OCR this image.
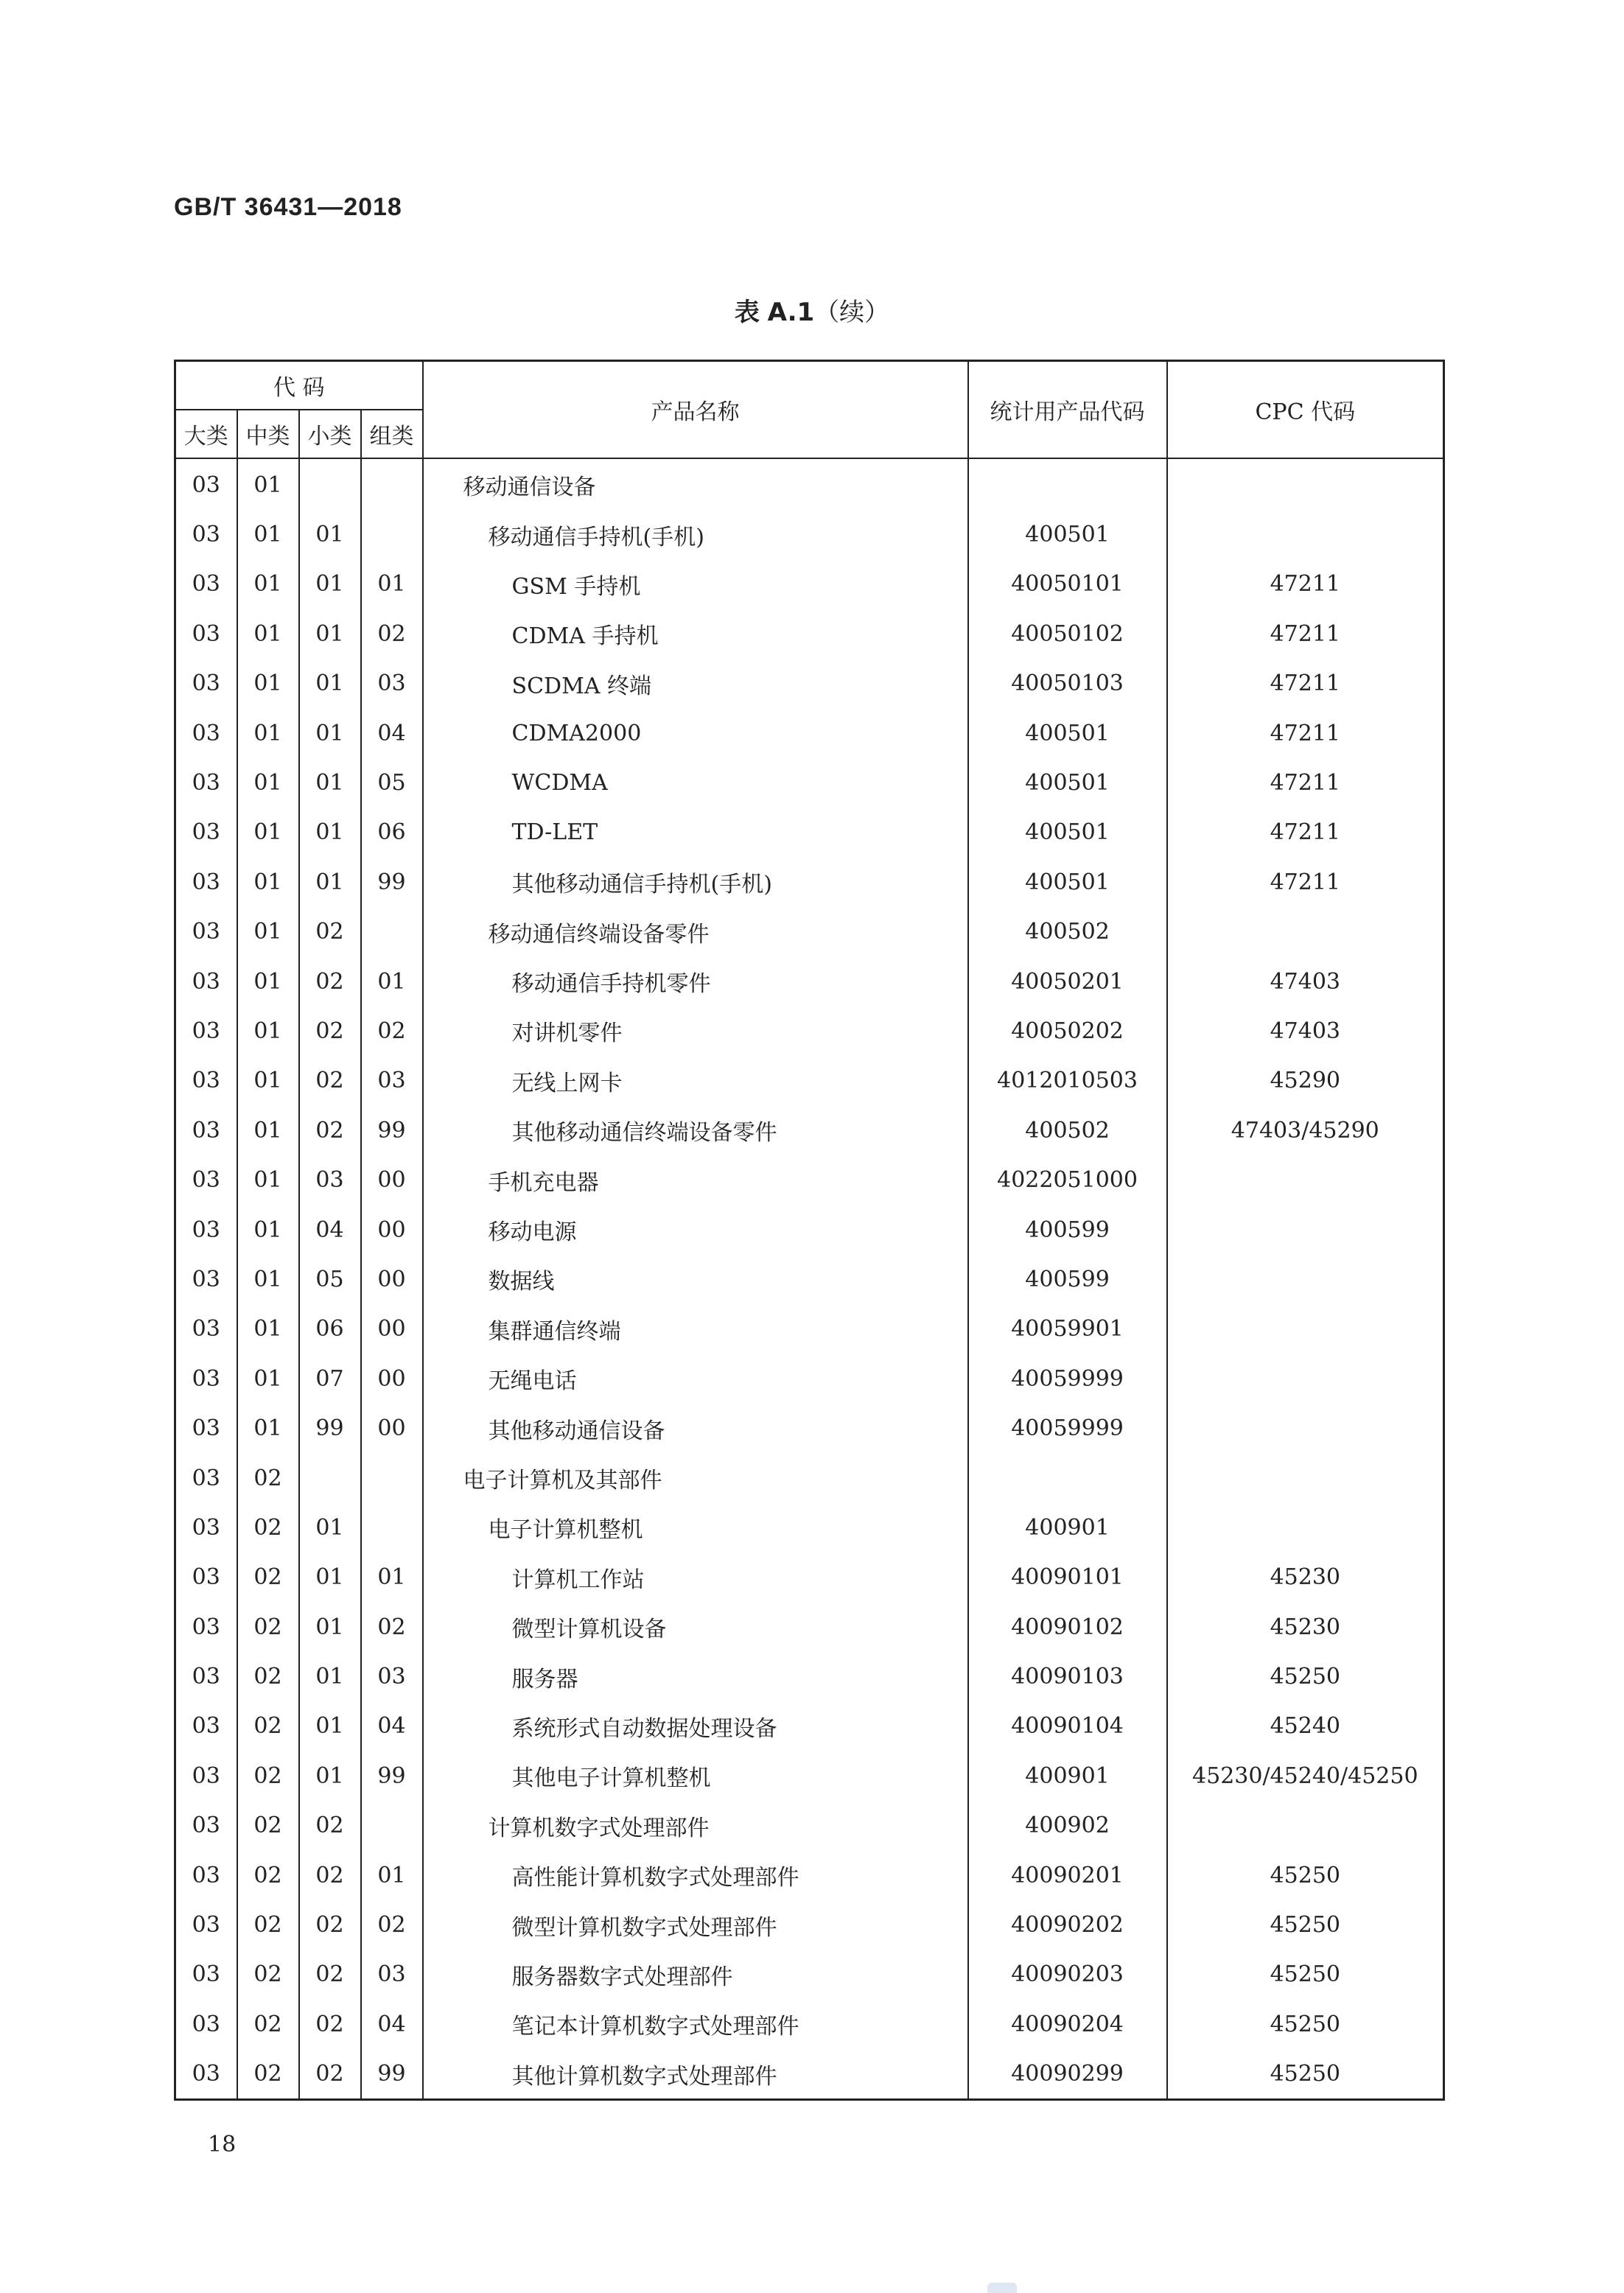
GB/T 36431—2018
表 A.1（续）
代 码				产品名称	统计用产品代码	CPC 代码
大类	中类	小类	组类			
03	01			移动通信设备		
03	01	01		移动通信手持机(手机)	400501	
03	01	01	01	GSM 手持机	40050101	47211
03	01	01	02	CDMA 手持机	40050102	47211
03	01	01	03	SCDMA 终端	40050103	47211
03	01	01	04	CDMA2000	400501	47211
03	01	01	05	WCDMA	400501	47211
03	01	01	06	TD-LET	400501	47211
03	01	01	99	其他移动通信手持机(手机)	400501	47211
03	01	02		移动通信终端设备零件	400502	
03	01	02	01	移动通信手持机零件	40050201	47403
03	01	02	02	对讲机零件	40050202	47403
03	01	02	03	无线上网卡	4012010503	45290
03	01	02	99	其他移动通信终端设备零件	400502	47403/45290
03	01	03	00	手机充电器	4022051000	
03	01	04	00	移动电源	400599	
03	01	05	00	数据线	400599	
03	01	06	00	集群通信终端	40059901	
03	01	07	00	无绳电话	40059999	
03	01	99	00	其他移动通信设备	40059999	
03	02			电子计算机及其部件		
03	02	01		电子计算机整机	400901	
03	02	01	01	计算机工作站	40090101	45230
03	02	01	02	微型计算机设备	40090102	45230
03	02	01	03	服务器	40090103	45250
03	02	01	04	系统形式自动数据处理设备	40090104	45240
03	02	01	99	其他电子计算机整机	400901	45230/45240/45250
03	02	02		计算机数字式处理部件	400902	
03	02	02	01	高性能计算机数字式处理部件	40090201	45250
03	02	02	02	微型计算机数字式处理部件	40090202	45250
03	02	02	03	服务器数字式处理部件	40090203	45250
03	02	02	04	笔记本计算机数字式处理部件	40090204	45250
03	02	02	99	其他计算机数字式处理部件	40090299	45250
18
